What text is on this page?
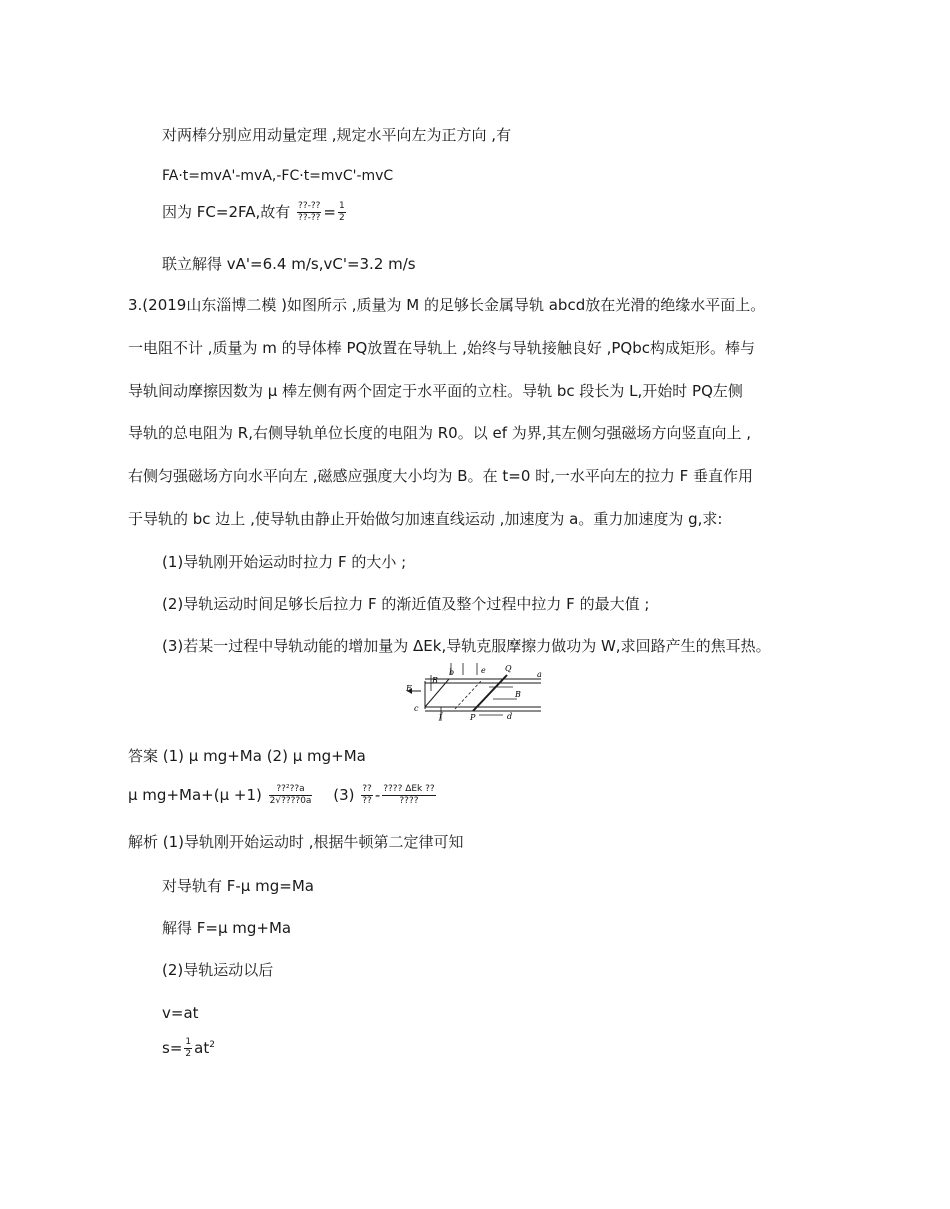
对两棒分别应用动量定理 ,规定水平向左为正方向 ,有
FA·t=mvA'-mvA,-FC·t=mvC'-mvC
因为 FC=2FA,故有 $\frac{??-??}{??-??} = \frac{1}{2}$
联立解得 vA'=6.4 m/s,vC'=3.2 m/s
3.(2019山东淄博二模 )如图所示 ,质量为 M 的足够长金属导轨 abcd放在光滑的绝缘水平面上。
一电阻不计 ,质量为 m 的导体棒 PQ放置在导轨上 ,始终与导轨接触良好 ,PQbc构成矩形。棒与
导轨间动摩擦因数为 μ 棒左侧有两个固定于水平面的立柱。导轨 bc 段长为 L,开始时 PQ左侧
导轨的总电阻为 R,右侧导轨单位长度的电阻为 R0。以 ef 为界,其左侧匀强磁场方向竖直向上 ,
右侧匀强磁场方向水平向左 ,磁感应强度大小均为 B。在 t=0 时,一水平向左的拉力 F 垂直作用
于导轨的 bc 边上 ,使导轨由静止开始做匀加速直线运动 ,加速度为 a。重力加速度为 g,求:
(1)导轨刚开始运动时拉力 F 的大小 ;
(2)导轨运动时间足够长后拉力 F 的渐近值及整个过程中拉力 F 的最大值 ;
(3)若某一过程中导轨动能的增加量为 ΔEk,导轨克服摩擦力做功为 W,求回路产生的焦耳热。
F
B
b	e Q
a
c
f	P	d
B
答案 (1) μ mg+Ma (2) μ mg+Ma
μ $mg+Ma+(\mu +1) \frac{\text{??²??a}}{2√????0a} (3) \frac{??}{??} - \frac{\text{???? ΔEk ??}}{????}$
解析 (1)导轨刚开始运动时 ,根据牛顿第二定律可知
对导轨有 F-μ mg=Ma
解得 F=μ mg+Ma
(2)导轨运动以后
v=at
$s= \frac{1}{2} at^2$
